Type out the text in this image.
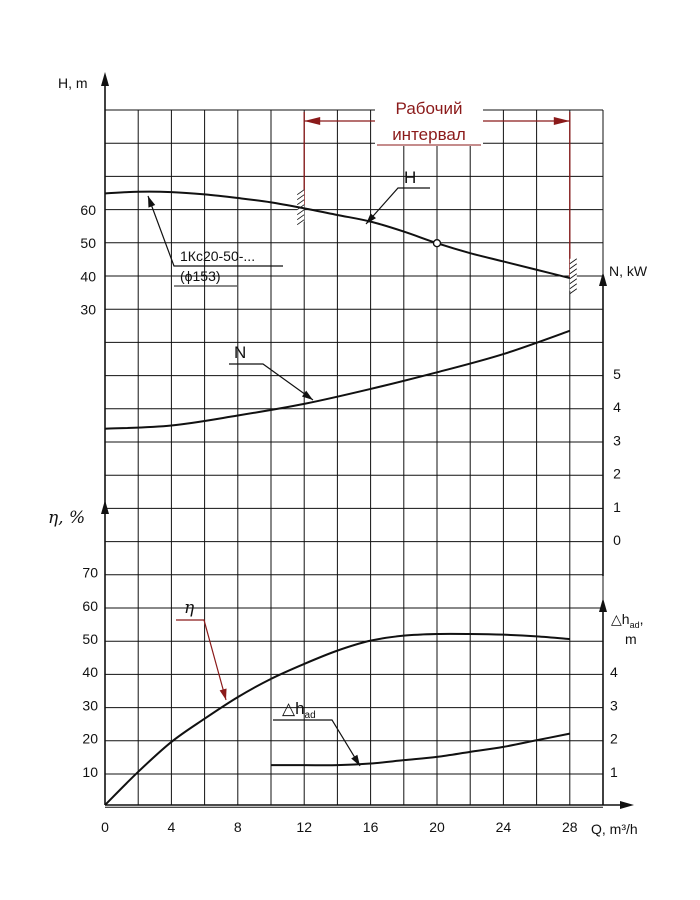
0	4	8	12	16	20	24	28
30
40
50
60
0
1
2
3
4
5
10
20
30
40
50
60
70
1
2
3
4
H, m
N, kW
η, %
$\triangle h_{ad}$,
m
Q, m³/h
Рабочий
интервал
H
1Кс20-50-...
(ϕ153)
N
η
$\triangle h_{ad}$
